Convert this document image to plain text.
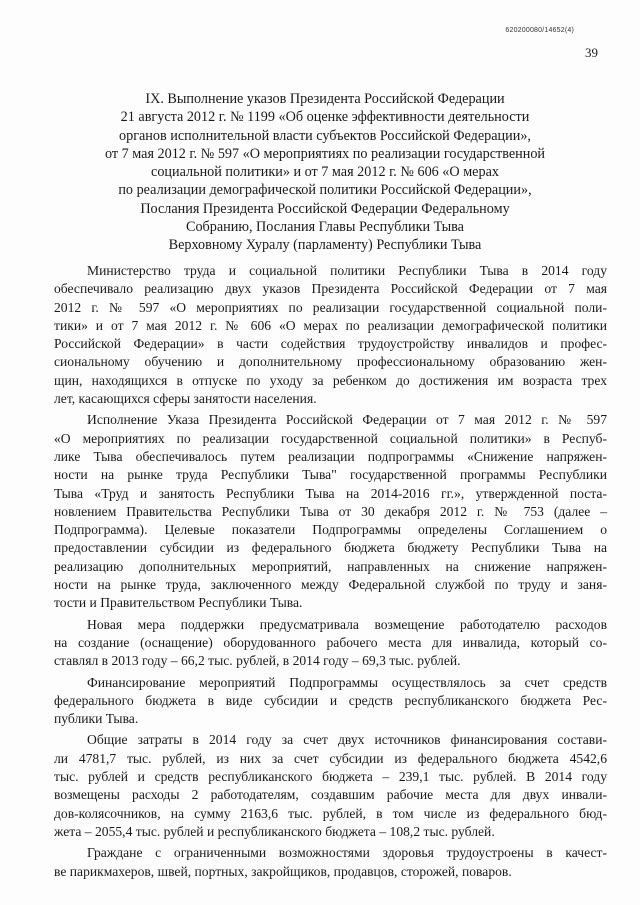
620200080/14652(4)
39
IX. Выполнение указов Президента Российской Федерации
21 августа 2012 г. № 1199 «Об оценке эффективности деятельности
органов исполнительной власти субъектов Российской Федерации»,
от 7 мая 2012 г. № 597 «О мероприятиях по реализации государственной
социальной политики» и от 7 мая 2012 г. № 606 «О мерах
по реализации демографической политики Российской Федерации»,
Послания Президента Российской Федерации Федеральному
Собранию, Послания Главы Республики Тыва
Верховному Хуралу (парламенту) Республики Тыва
Министерство труда и социальной политики Республики Тыва в 2014 году
обеспечивало реализацию двух указов Президента Российской Федерации от 7 мая
2012 г. № 597 «О мероприятиях по реализации государственной социальной поли-
тики» и от 7 мая 2012 г. № 606 «О мерах по реализации демографической политики
Российской Федерации» в части содействия трудоустройству инвалидов и профес-
сиональному обучению и дополнительному профессиональному образованию жен-
щин, находящихся в отпуске по уходу за ребенком до достижения им возраста трех
лет, касающихся сферы занятости населения.
Исполнение Указа Президента Российской Федерации от 7 мая 2012 г. № 597
«О мероприятиях по реализации государственной социальной политики» в Респуб-
лике Тыва обеспечивалось путем реализации подпрограммы «Снижение напряжен-
ности на рынке труда Республики Тыва" государственной программы Республики
Тыва «Труд и занятость Республики Тыва на 2014-2016 гг.», утвержденной поста-
новлением Правительства Республики Тыва от 30 декабря 2012 г. № 753 (далее –
Подпрограмма). Целевые показатели Подпрограммы определены Соглашением о
предоставлении субсидии из федерального бюджета бюджету Республики Тыва на
реализацию дополнительных мероприятий, направленных на снижение напряжен-
ности на рынке труда, заключенного между Федеральной службой по труду и заня-
тости и Правительством Республики Тыва.
Новая мера поддержки предусматривала возмещение работодателю расходов
на создание (оснащение) оборудованного рабочего места для инвалида, который со-
ставлял в 2013 году – 66,2 тыс. рублей, в 2014 году – 69,3 тыс. рублей.
Финансирование мероприятий Подпрограммы осуществлялось за счет средств
федерального бюджета в виде субсидии и средств республиканского бюджета Рес-
публики Тыва.
Общие затраты в 2014 году за счет двух источников финансирования состави-
ли 4781,7 тыс. рублей, из них за счет субсидии из федерального бюджета 4542,6
тыс. рублей и средств республиканского бюджета – 239,1 тыс. рублей. В 2014 году
возмещены расходы 2 работодателям, создавшим рабочие места для двух инвали-
дов-колясочников, на сумму 2163,6 тыс. рублей, в том числе из федерального бюд-
жета – 2055,4 тыс. рублей и республиканского бюджета – 108,2 тыс. рублей.
Граждане с ограниченными возможностями здоровья трудоустроены в качест-
ве парикмахеров, швей, портных, закройщиков, продавцов, сторожей, поваров.
